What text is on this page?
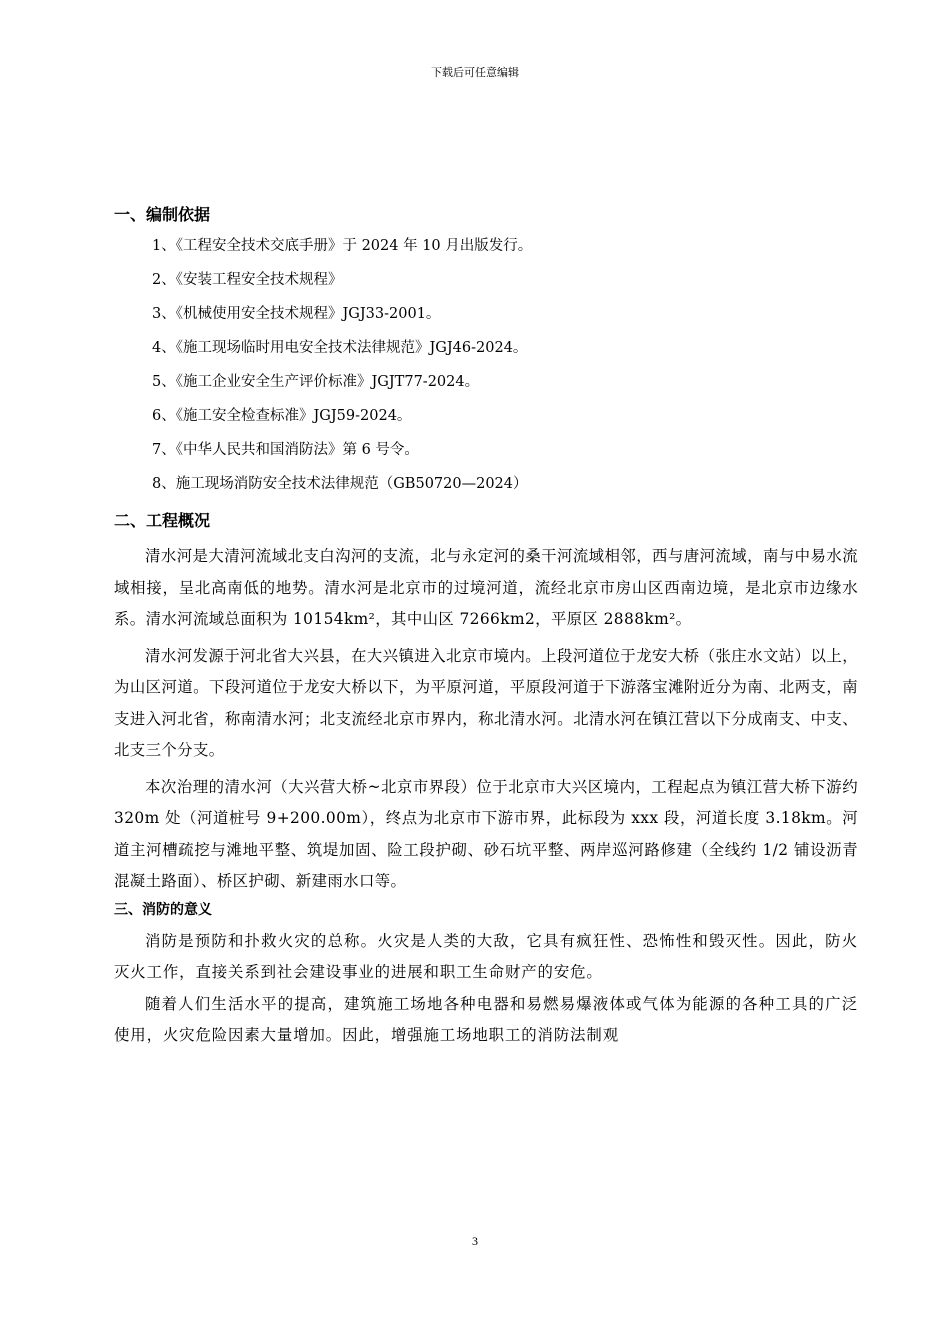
下载后可任意编辑
一、编制依据
1、《工程安全技术交底手册》于 2024 年 10 月出版发行。
2、《安装工程安全技术规程》
3、《机械使用安全技术规程》JGJ33-2001。
4、《施工现场临时用电安全技术法律规范》JGJ46-2024。
5、《施工企业安全生产评价标准》JGJT77-2024。
6、《施工安全检查标准》JGJ59-2024。
7、《中华人民共和国消防法》第 6 号令。
8、施工现场消防安全技术法律规范（GB50720—2024）
二、工程概况

清水河是大清河流域北支白沟河的支流，北与永定河的桑干河流域相邻，西与唐河流域，南与中易水流域相接，呈北高南低的地势。清水河是北京市的过境河道，流经北京市房山区西南边境，是北京市边缘水系。清水河流域总面积为 10154km²，其中山区 7266km2，平原区 2888km²。

清水河发源于河北省大兴县，在大兴镇进入北京市境内。上段河道位于龙安大桥（张庄水文站）以上，为山区河道。下段河道位于龙安大桥以下，为平原河道，平原段河道于下游落宝滩附近分为南、北两支，南支进入河北省，称南清水河；北支流经北京市界内，称北清水河。北清水河在镇江营以下分成南支、中支、北支三个分支。

本次治理的清水河（大兴营大桥~北京市界段）位于北京市大兴区境内，工程起点为镇江营大桥下游约 320m 处（河道桩号 9+200.00m），终点为北京市下游市界，此标段为 xxx 段，河道长度 3.18km。河道主河槽疏挖与滩地平整、筑堤加固、险工段护砌、砂石坑平整、两岸巡河路修建（全线约 1/2 铺设沥青混凝土路面）、桥区护砌、新建雨水口等。

三、消防的意义

消防是预防和扑救火灾的总称。火灾是人类的大敌，它具有疯狂性、恐怖性和毁灭性。因此，防火灭火工作，直接关系到社会建设事业的进展和职工生命财产的安危。

随着人们生活水平的提高，建筑施工场地各种电器和易燃易爆液体或气体为能源的各种工具的广泛使用，火灾危险因素大量增加。因此，增强施工场地职工的消防法制观

3
